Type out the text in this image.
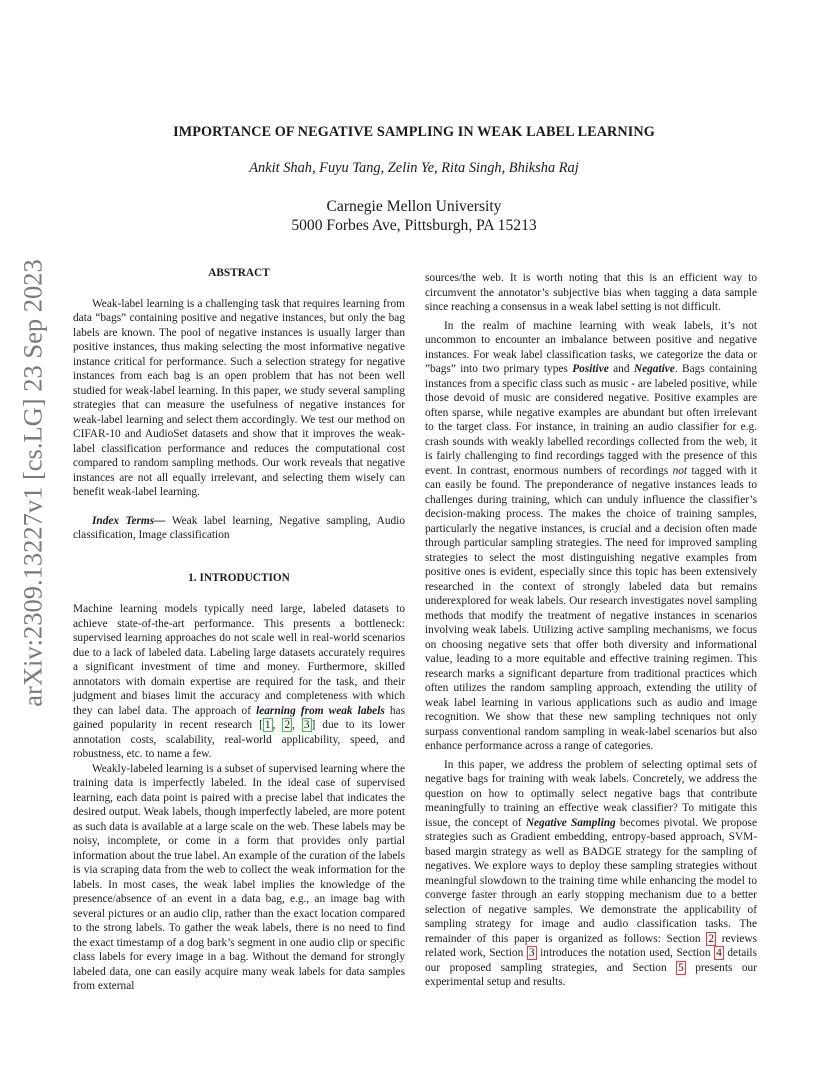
arXiv:2309.13227v1 [cs.LG] 23 Sep 2023
IMPORTANCE OF NEGATIVE SAMPLING IN WEAK LABEL LEARNING
Ankit Shah, Fuyu Tang, Zelin Ye, Rita Singh, Bhiksha Raj
Carnegie Mellon University
5000 Forbes Ave, Pittsburgh, PA 15213
ABSTRACT

Weak-label learning is a challenging task that requires learning from data “bags” containing positive and negative instances, but only the bag labels are known. The pool of negative instances is usually larger than positive instances, thus making selecting the most informative negative instance critical for performance. Such a selection strategy for negative instances from each bag is an open problem that has not been well studied for weak-label learning. In this paper, we study several sampling strategies that can measure the usefulness of negative instances for weak-label learning and select them accordingly. We test our method on CIFAR-10 and AudioSet datasets and show that it improves the weak-label classification performance and reduces the computational cost compared to random sampling methods. Our work reveals that negative instances are not all equally irrelevant, and selecting them wisely can benefit weak-label learning.

Index Terms— Weak label learning, Negative sampling, Audio classification, Image classification

1. INTRODUCTION

Machine learning models typically need large, labeled datasets to achieve state-of-the-art performance. This presents a bottleneck: supervised learning approaches do not scale well in real-world scenarios due to a lack of labeled data. Labeling large datasets accurately requires a significant investment of time and money. Furthermore, skilled annotators with domain expertise are required for the task, and their judgment and biases limit the accuracy and completeness with which they can label data. The approach of learning from weak labels has gained popularity in recent research [ 1 , 2 , 3 ] due to its lower annotation costs, scalability, real-world applicability, speed, and robustness, etc. to name a few.

Weakly-labeled learning is a subset of supervised learning where the training data is imperfectly labeled. In the ideal case of supervised learning, each data point is paired with a precise label that indicates the desired output. Weak labels, though imperfectly labeled, are more potent as such data is available at a large scale on the web. These labels may be noisy, incomplete, or come in a form that provides only partial information about the true label. An example of the curation of the labels is via scraping data from the web to collect the weak information for the labels. In most cases, the weak label implies the knowledge of the presence/absence of an event in a data bag, e.g., an image bag with several pictures or an audio clip, rather than the exact location compared to the strong labels. To gather the weak labels, there is no need to find the exact timestamp of a dog bark’s segment in one audio clip or specific class labels for every image in a bag. Without the demand for strongly labeled data, one can easily acquire many weak labels for data samples from external

sources/the web. It is worth noting that this is an efficient way to circumvent the annotator’s subjective bias when tagging a data sample since reaching a consensus in a weak label setting is not difficult.

In the realm of machine learning with weak labels, it’s not uncommon to encounter an imbalance between positive and negative instances. For weak label classification tasks, we categorize the data or ”bags” into two primary types Positive and Negative. Bags containing instances from a specific class such as music - are labeled positive, while those devoid of music are considered negative. Positive examples are often sparse, while negative examples are abundant but often irrelevant to the target class. For instance, in training an audio classifier for e.g. crash sounds with weakly labelled recordings collected from the web, it is fairly challenging to find recordings tagged with the presence of this event. In contrast, enormous numbers of recordings not tagged with it can easily be found. The preponderance of negative instances leads to challenges during training, which can unduly influence the classifier’s decision-making process. The makes the choice of training samples, particularly the negative instances, is crucial and a decision often made through particular sampling strategies. The need for improved sampling strategies to select the most distinguishing negative examples from positive ones is evident, especially since this topic has been extensively researched in the context of strongly labeled data but remains underexplored for weak labels. Our research investigates novel sampling methods that modify the treatment of negative instances in scenarios involving weak labels. Utilizing active sampling mechanisms, we focus on choosing negative sets that offer both diversity and informational value, leading to a more equitable and effective training regimen. This research marks a significant departure from traditional practices which often utilizes the random sampling approach, extending the utility of weak label learning in various applications such as audio and image recognition. We show that these new sampling techniques not only surpass conventional random sampling in weak-label scenarios but also enhance performance across a range of categories.

In this paper, we address the problem of selecting optimal sets of negative bags for training with weak labels. Concretely, we address the question on how to optimally select negative bags that contribute meaningfully to training an effective weak classifier? To mitigate this issue, the concept of Negative Sampling becomes pivotal. We propose strategies such as Gradient embedding, entropy-based approach, SVM-based margin strategy as well as BADGE strategy for the sampling of negatives. We explore ways to deploy these sampling strategies without meaningful slowdown to the training time while enhancing the model to converge faster through an early stopping mechanism due to a better selection of negative samples. We demonstrate the applicability of sampling strategy for image and audio classification tasks. The remainder of this paper is organized as follows: Section 2 reviews related work, Section 3 introduces the notation used, Section 4 details our proposed sampling strategies, and Section 5 presents our experimental setup and results.
